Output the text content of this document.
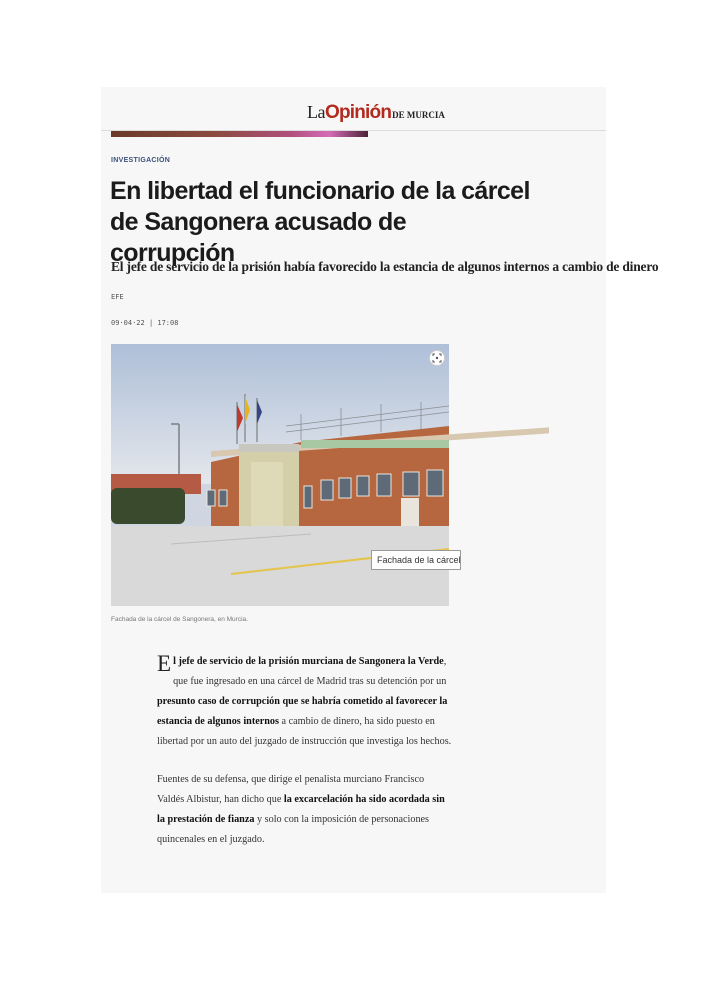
LaOpiniónDE MURCIA
INVESTIGACIÓN
En libertad el funcionario de la cárcel de Sangonera acusado de corrupción
El jefe de servicio de la prisión había favorecido la estancia de algunos internos a cambio de dinero
EFE
09·04·22 | 17:08
Fachada de la cárcel
Fachada de la cárcel de Sangonera, en Murcia.

El jefe de servicio de la prisión murciana de Sangonera la Verde, que fue ingresado en una cárcel de Madrid tras su detención por un presunto caso de corrupción que se habría cometido al favorecer la estancia de algunos internos a cambio de dinero, ha sido puesto en libertad por un auto del juzgado de instrucción que investiga los hechos.

Fuentes de su defensa, que dirige el penalista murciano Francisco Valdés Albistur, han dicho que la excarcelación ha sido acordada sin la prestación de fianza y solo con la imposición de personaciones quincenales en el juzgado.
